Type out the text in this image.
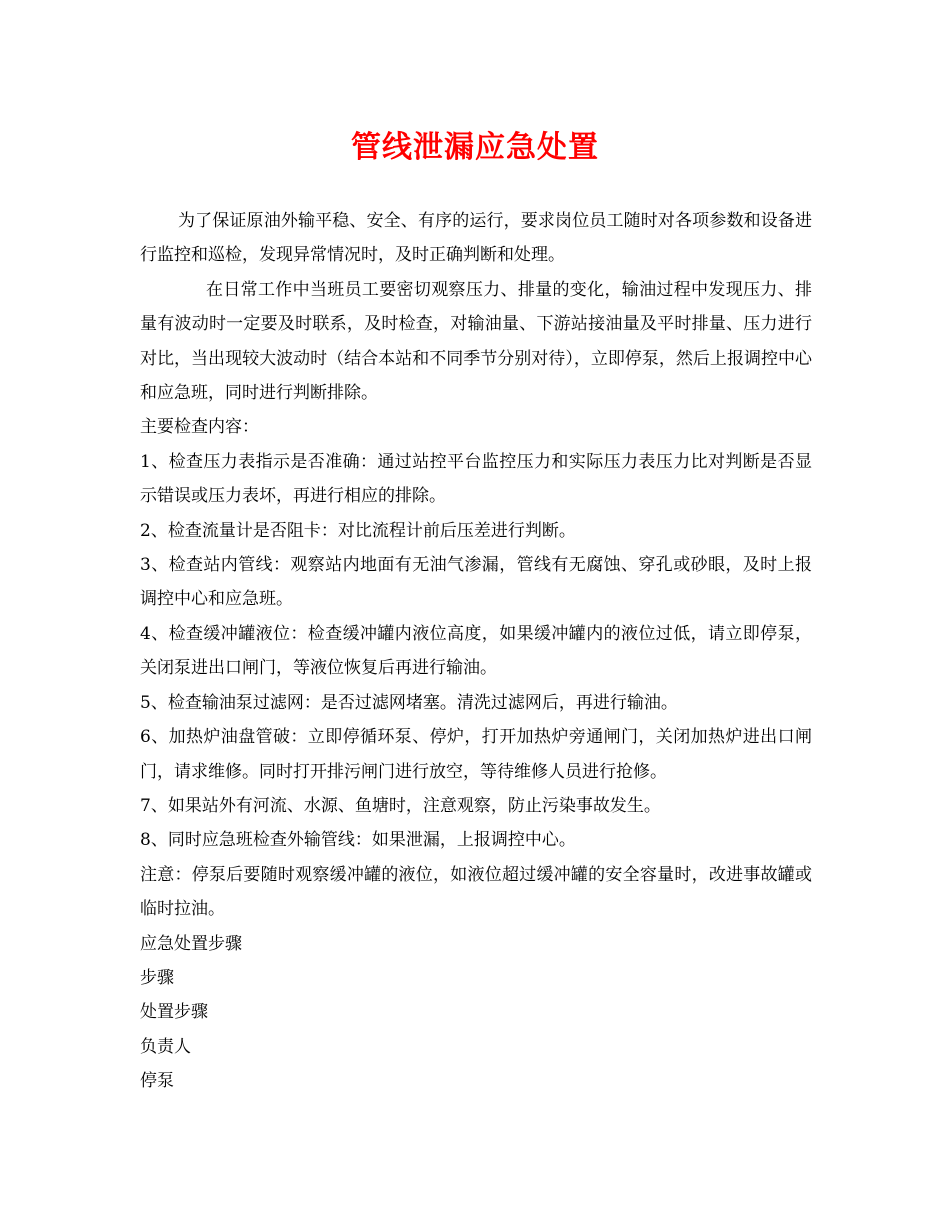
管线泄漏应急处置

为了保证原油外输平稳、安全、有序的运行，要求岗位员工随时对各项参数和设备进行监控和巡检，发现异常情况时，及时正确判断和处理。

在日常工作中当班员工要密切观察压力、排量的变化，输油过程中发现压力、排量有波动时一定要及时联系，及时检查，对输油量、下游站接油量及平时排量、压力进行对比，当出现较大波动时（结合本站和不同季节分别对待），立即停泵，然后上报调控中心和应急班，同时进行判断排除。

主要检查内容：

1、检查压力表指示是否准确：通过站控平台监控压力和实际压力表压力比对判断是否显示错误或压力表坏，再进行相应的排除。

2、检查流量计是否阻卡：对比流程计前后压差进行判断。

3、检查站内管线：观察站内地面有无油气渗漏，管线有无腐蚀、穿孔或砂眼，及时上报调控中心和应急班。

4、检查缓冲罐液位：检查缓冲罐内液位高度，如果缓冲罐内的液位过低，请立即停泵，关闭泵进出口闸门，等液位恢复后再进行输油。

5、检查输油泵过滤网：是否过滤网堵塞。清洗过滤网后，再进行输油。

6、加热炉油盘管破：立即停循环泵、停炉，打开加热炉旁通闸门，关闭加热炉进出口闸门，请求维修。同时打开排污闸门进行放空，等待维修人员进行抢修。

7、如果站外有河流、水源、鱼塘时，注意观察，防止污染事故发生。

8、同时应急班检查外输管线：如果泄漏，上报调控中心。

注意：停泵后要随时观察缓冲罐的液位，如液位超过缓冲罐的安全容量时，改进事故罐或临时拉油。

应急处置步骤

步骤

处置步骤

负责人

停泵
